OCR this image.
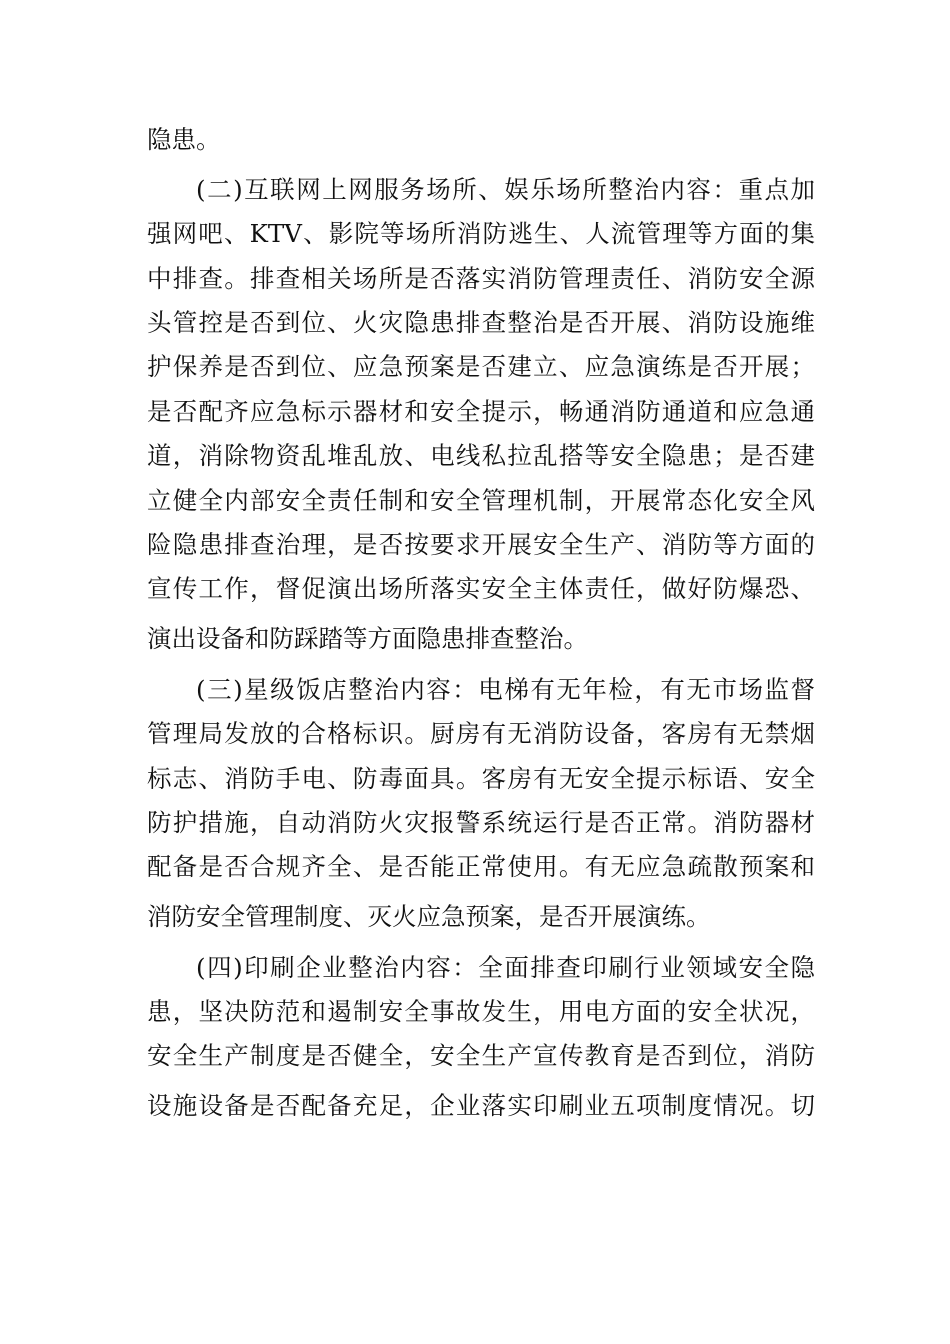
隐患。
(二)互联网上网服务场所、娱乐场所整治内容：重点加
强网吧、KTV、影院等场所消防逃生、人流管理等方面的集
中排查。排查相关场所是否落实消防管理责任、消防安全源
头管控是否到位、火灾隐患排查整治是否开展、消防设施维
护保养是否到位、应急预案是否建立、应急演练是否开展；
是否配齐应急标示器材和安全提示，畅通消防通道和应急通
道，消除物资乱堆乱放、电线私拉乱搭等安全隐患；是否建
立健全内部安全责任制和安全管理机制，开展常态化安全风
险隐患排查治理，是否按要求开展安全生产、消防等方面的
宣传工作，督促演出场所落实安全主体责任，做好防爆恐、
演出设备和防踩踏等方面隐患排查整治。
(三)星级饭店整治内容：电梯有无年检，有无市场监督
管理局发放的合格标识。厨房有无消防设备，客房有无禁烟
标志、消防手电、防毒面具。客房有无安全提示标语、安全
防护措施，自动消防火灾报警系统运行是否正常。消防器材
配备是否合规齐全、是否能正常使用。有无应急疏散预案和
消防安全管理制度、灭火应急预案，是否开展演练。
(四)印刷企业整治内容：全面排查印刷行业领域安全隐
患，坚决防范和遏制安全事故发生，用电方面的安全状况，
安全生产制度是否健全，安全生产宣传教育是否到位，消防
设施设备是否配备充足，企业落实印刷业五项制度情况。切
